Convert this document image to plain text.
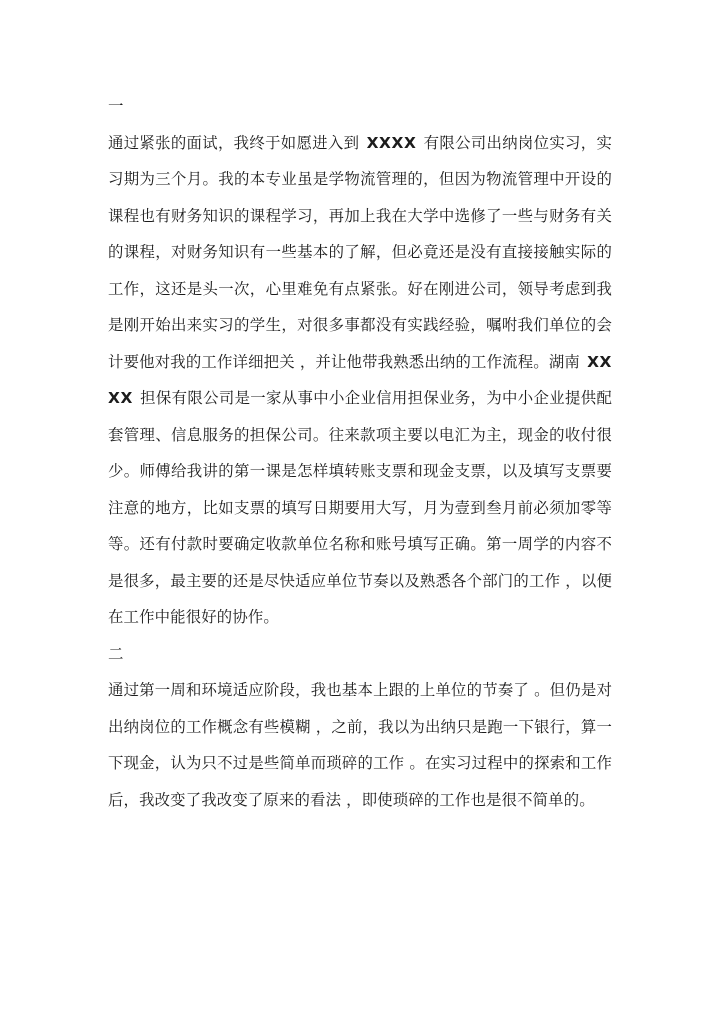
一

通过紧张的面试，我终于如愿进入到 XXXX 有限公司出纳岗位实习，实习期为三个月。我的本专业虽是学物流管理的，但因为物流管理中开设的课程也有财务知识的课程学习，再加上我在大学中选修了一些与财务有关的课程，对财务知识有一些基本的了解，但必竟还是没有直接接触实际的工作，这还是头一次，心里难免有点紧张。好在刚进公司，领导考虑到我是刚开始出来实习的学生，对很多事都没有实践经验，嘱咐我们单位的会计要他对我的工作详细把关 ，并让他带我熟悉出纳的工作流程。湖南 XXXX 担保有限公司是一家从事中小企业信用担保业务，为中小企业提供配套管理、信息服务的担保公司。往来款项主要以电汇为主，现金的收付很少。师傅给我讲的第一课是怎样填转账支票和现金支票，以及填写支票要注意的地方，比如支票的填写日期要用大写，月为壹到叁月前必须加零等等。还有付款时要确定收款单位名称和账号填写正确。第一周学的内容不是很多，最主要的还是尽快适应单位节奏以及熟悉各个部门的工作 ，以便在工作中能很好的协作。

二

通过第一周和环境适应阶段，我也基本上跟的上单位的节奏了 。但仍是对出纳岗位的工作概念有些模糊 ，之前，我以为出纳只是跑一下银行，算一下现金，认为只不过是些简单而琐碎的工作 。在实习过程中的探索和工作后，我改变了我改变了原来的看法 ，即使琐碎的工作也是很不简单的。
